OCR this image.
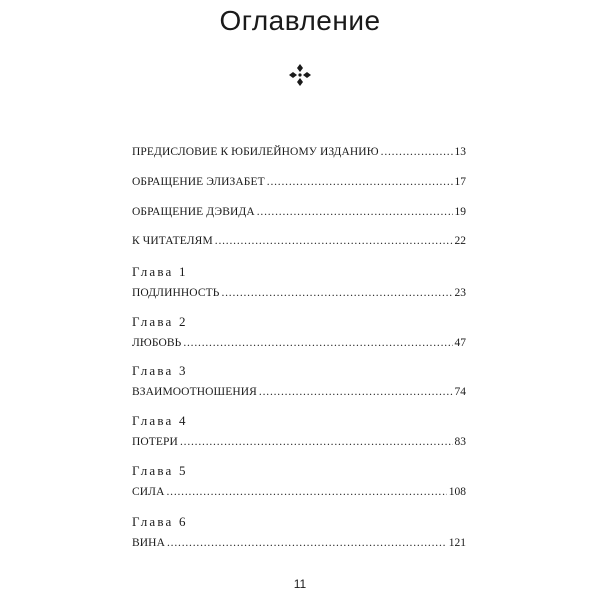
Оглавление
ПРЕДИСЛОВИЕ К ЮБИЛЕЙНОМУ ИЗДАНИЮ .....	13
ОБРАЩЕНИЕ ЭЛИЗАБЕТ .....	17
ОБРАЩЕНИЕ ДЭВИДА .....	19
К ЧИТАТЕЛЯМ .....	22
Глава 1
ПОДЛИННОСТЬ .....	23
Глава 2
ЛЮБОВЬ .....	47
Глава 3
ВЗАИМООТНОШЕНИЯ .....	74
Глава 4
ПОТЕРИ .....	83
Глава 5
СИЛА .....	108
Глава 6
ВИНА .....	121
11
